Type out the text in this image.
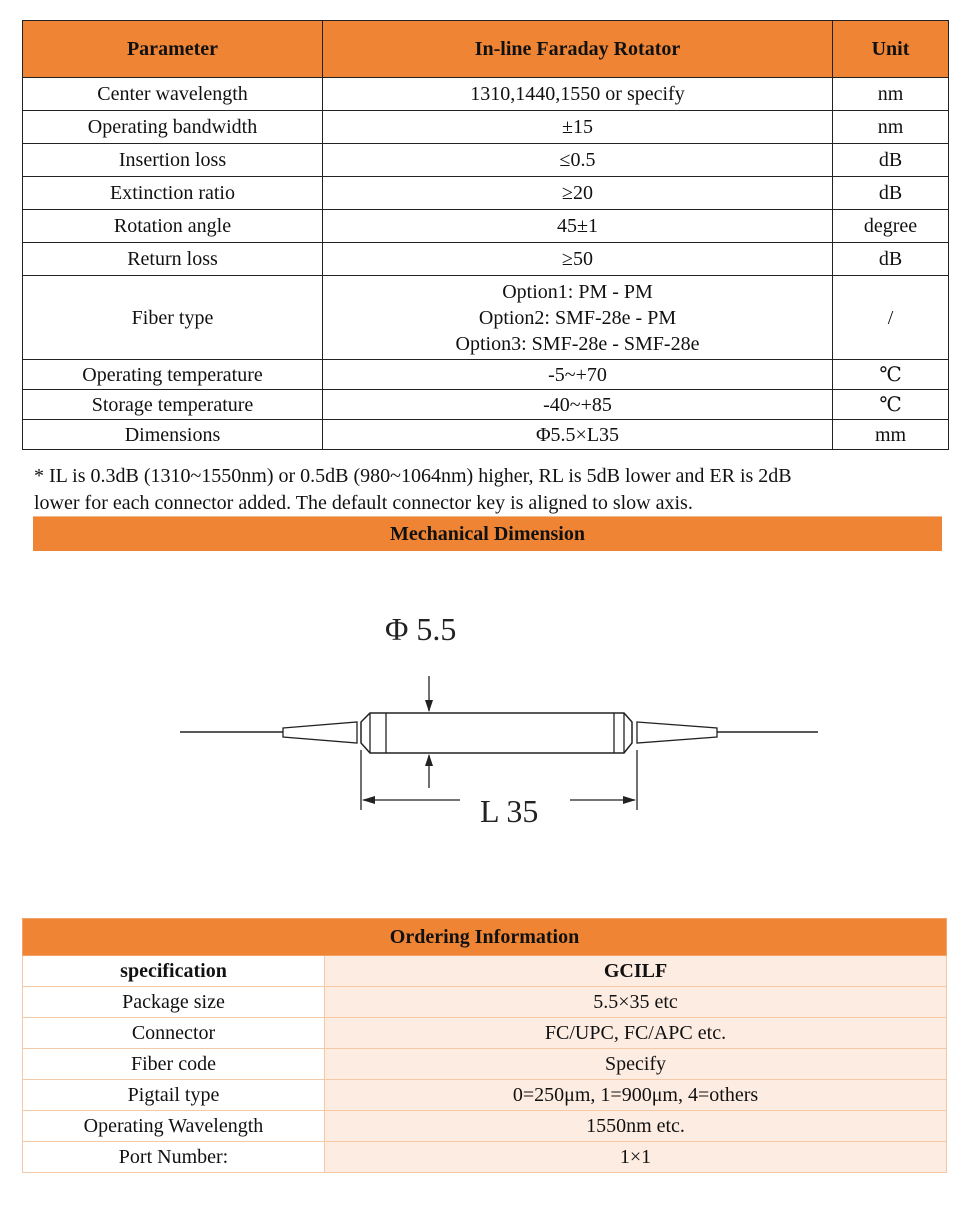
Parameter	In-line Faraday Rotator	Unit
Center wavelength	1310,1440,1550 or specify	nm
Operating bandwidth	±15	nm
Insertion loss	≤0.5	dB
Extinction ratio	≥20	dB
Rotation angle	45±1	degree
Return loss	≥50	dB
Fiber type	Option1: PM - PM
Option2: SMF-28e - PM
Option3: SMF-28e - SMF-28e	/
Operating temperature	-5~+70	℃
Storage temperature	-40~+85	℃
Dimensions	Φ5.5×L35	mm
* IL is 0.3dB (1310~1550nm) or 0.5dB (980~1064nm) higher, RL is 5dB lower and ER is 2dB
lower for each connector added. The default connector key is aligned to slow axis.
Mechanical Dimension
Φ 5.5
L 35
Ordering Information	
specification	GCILF
Package size	5.5×35 etc
Connector	FC/UPC, FC/APC etc.
Fiber code	Specify
Pigtail type	0=250μm, 1=900μm, 4=others
Operating Wavelength	1550nm etc.
Port Number:	1×1
